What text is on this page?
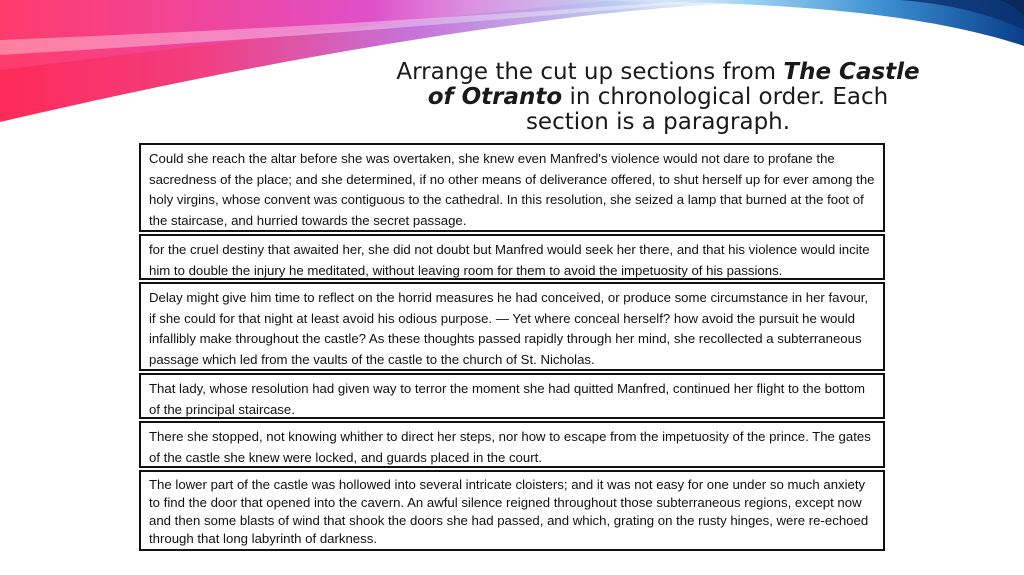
Arrange the cut up sections from The Castle of Otranto in chronological order. Each section is a paragraph.
Could she reach the altar before she was overtaken, she knew even Manfred's violence would not dare to profane the sacredness of the place; and she determined, if no other means of deliverance offered, to shut herself up for ever among the holy virgins, whose convent was contiguous to the cathedral. In this resolution, she seized a lamp that burned at the foot of the staircase, and hurried towards the secret passage.
for the cruel destiny that awaited her, she did not doubt but Manfred would seek her there, and that his violence would incite him to double the injury he meditated, without leaving room for them to avoid the impetuosity of his passions.
Delay might give him time to reflect on the horrid measures he had conceived, or produce some circumstance in her favour, if she could for that night at least avoid his odious purpose. — Yet where conceal herself? how avoid the pursuit he would infallibly make throughout the castle? As these thoughts passed rapidly through her mind, she recollected a subterraneous passage which led from the vaults of the castle to the church of St. Nicholas.
That lady, whose resolution had given way to terror the moment she had quitted Manfred, continued her flight to the bottom of the principal staircase.
There she stopped, not knowing whither to direct her steps, nor how to escape from the impetuosity of the prince. The gates of the castle she knew were locked, and guards placed in the court.
The lower part of the castle was hollowed into several intricate cloisters; and it was not easy for one under so much anxiety to find the door that opened into the cavern. An awful silence reigned throughout those subterraneous regions, except now and then some blasts of wind that shook the doors she had passed, and which, grating on the rusty hinges, were re-echoed through that long labyrinth of darkness.
